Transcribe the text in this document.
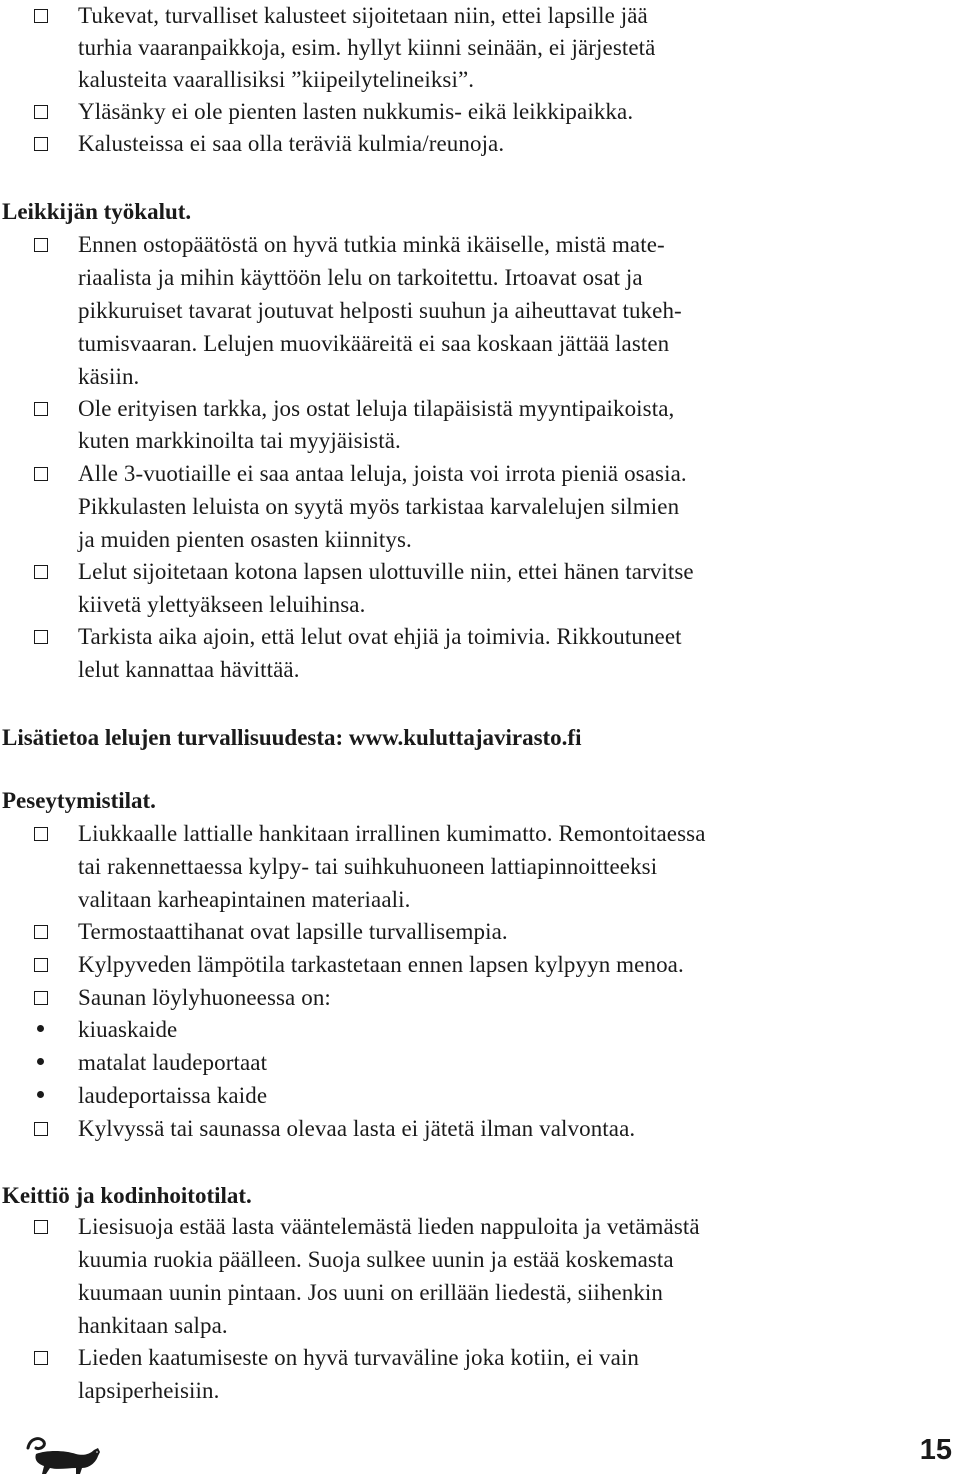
Tukevat, turvalliset kalusteet sijoitetaan niin, ettei lapsille jää
turhia vaaranpaikkoja, esim. hyllyt kiinni seinään, ei järjestetä
kalusteita vaarallisiksi ”kiipeilytelineiksi”.
Yläsänky ei ole pienten lasten nukkumis- eikä leikkipaikka.
Kalusteissa ei saa olla teräviä kulmia/reunoja.
Leikkijän työkalut.
Ennen ostopäätöstä on hyvä tutkia minkä ikäiselle, mistä mate-
riaalista ja mihin käyttöön lelu on tarkoitettu. Irtoavat osat ja
pikkuruiset tavarat joutuvat helposti suuhun ja aiheuttavat tukeh-
tumisvaaran. Lelujen muovikääreitä ei saa koskaan jättää lasten
käsiin.
Ole erityisen tarkka, jos ostat leluja tilapäisistä myyntipaikoista,
kuten markkinoilta tai myyjäisistä.
Alle 3-vuotiaille ei saa antaa leluja, joista voi irrota pieniä osasia.
Pikkulasten leluista on syytä myös tarkistaa karvalelujen silmien
ja muiden pienten osasten kiinnitys.
Lelut sijoitetaan kotona lapsen ulottuville niin, ettei hänen tarvitse
kiivetä ylettyäkseen leluihinsa.
Tarkista aika ajoin, että lelut ovat ehjiä ja toimivia. Rikkoutuneet
lelut kannattaa hävittää.
Lisätietoa lelujen turvallisuudesta: www.kuluttajavirasto.fi
Peseytymistilat.
Liukkaalle lattialle hankitaan irrallinen kumimatto. Remontoitaessa
tai rakennettaessa kylpy- tai suihkuhuoneen lattiapinnoitteeksi
valitaan karheapintainen materiaali.
Termostaattihanat ovat lapsille turvallisempia.
Kylpyveden lämpötila tarkastetaan ennen lapsen kylpyyn menoa.
Saunan löylyhuoneessa on:
kiuaskaide
matalat laudeportaat
laudeportaissa kaide
Kylvyssä tai saunassa olevaa lasta ei jätetä ilman valvontaa.
Keittiö ja kodinhoitotilat.
Liesisuoja estää lasta vääntelemästä lieden nappuloita ja vetämästä
kuumia ruokia päälleen. Suoja sulkee uunin ja estää koskemasta
kuumaan uunin pintaan. Jos uuni on erillään liedestä, siihenkin
hankitaan salpa.
Lieden kaatumiseste on hyvä turvaväline joka kotiin, ei vain
lapsiperheisiin.
15
